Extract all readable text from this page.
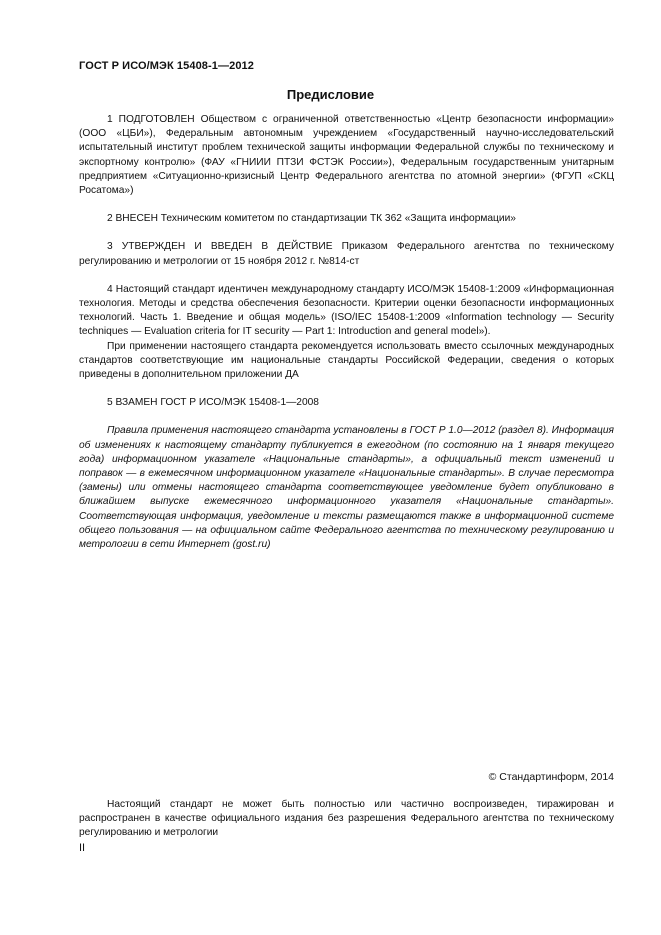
ГОСТ Р ИСО/МЭК 15408-1—2012
Предисловие

1 ПОДГОТОВЛЕН Обществом с ограниченной ответственностью «Центр безопасности информации» (ООО «ЦБИ»), Федеральным автономным учреждением «Государственный научно-исследовательский испытательный институт проблем технической защиты информации Федеральной службы по техническому и экспортному контролю» (ФАУ «ГНИИИ ПТЗИ ФСТЭК России»), Федеральным государственным унитарным предприятием «Ситуационно-кризисный Центр Федерального агентства по атомной энергии» (ФГУП «СКЦ Росатома»)

2 ВНЕСЕН Техническим комитетом по стандартизации ТК 362 «Защита информации»

3 УТВЕРЖДЕН И ВВЕДЕН В ДЕЙСТВИЕ Приказом Федерального агентства по техническому регулированию и метрологии от 15 ноября 2012 г. №814-ст

4 Настоящий стандарт идентичен международному стандарту ИСО/МЭК 15408-1:2009 «Информационная технология. Методы и средства обеспечения безопасности. Критерии оценки безопасности информационных технологий. Часть 1. Введение и общая модель» (ISO/IEC 15408-1:2009 «Information technology — Security techniques — Evaluation criteria for IT security — Part 1: Introduction and general model»).

При применении настоящего стандарта рекомендуется использовать вместо ссылочных международных стандартов соответствующие им национальные стандарты Российской Федерации, сведения о которых приведены в дополнительном приложении ДА

5 ВЗАМЕН ГОСТ Р ИСО/МЭК 15408-1—2008

Правила применения настоящего стандарта установлены в ГОСТ Р 1.0—2012 (раздел 8). Информация об изменениях к настоящему стандарту публикуется в ежегодном (по состоянию на 1 января текущего года) информационном указателе «Национальные стандарты», а официальный текст изменений и поправок — в ежемесячном информационном указателе «Национальные стандарты». В случае пересмотра (замены) или отмены настоящего стандарта соответствующее уведомление будет опубликовано в ближайшем выпуске ежемесячного информационного указателя «Национальные стандарты». Соответствующая информация, уведомление и тексты размещаются также в информационной системе общего пользования — на официальном сайте Федерального агентства по техническому регулированию и метрологии в сети Интернет (gost.ru)

© Стандартинформ, 2014

Настоящий стандарт не может быть полностью или частично воспроизведен, тиражирован и распространен в качестве официального издания без разрешения Федерального агентства по техническому регулированию и метрологии

II
